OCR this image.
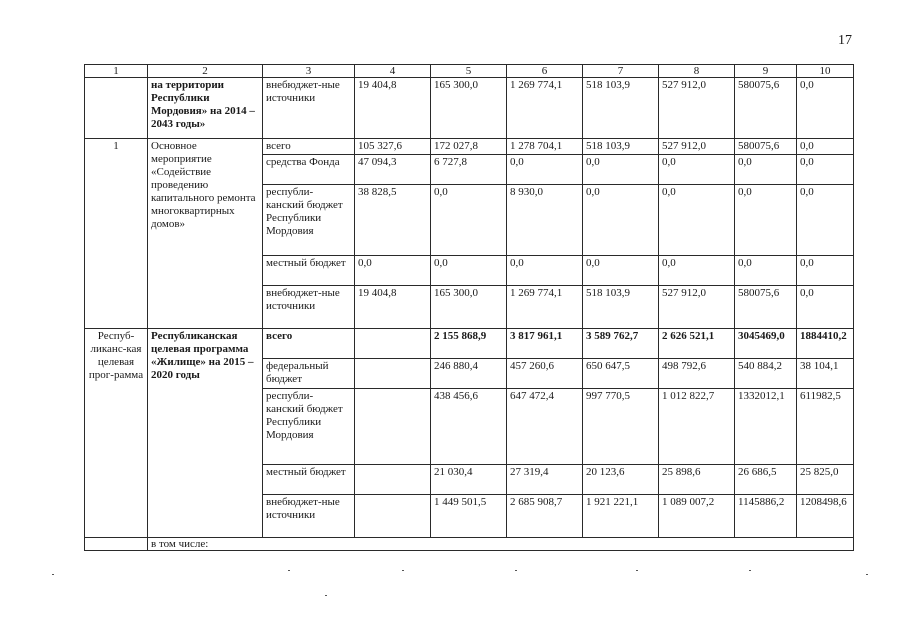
17
1	2	3	4	5	6	7	8	9	10
	на территории Республики Мордовия» на 2014 – 2043 годы»	внебюджет-ные источники	19 404,8	165 300,0	1 269 774,1	518 103,9	527 912,0	580075,6	0,0
1	Основное мероприятие «Содействие проведению капитального ремонта многоквартирных домов»	всего	105 327,6	172 027,8	1 278 704,1	518 103,9	527 912,0	580075,6	0,0
		средства Фонда	47 094,3	6 727,8	0,0	0,0	0,0	0,0	0,0
		республи-канский бюджет Республики Мордовия	38 828,5	0,0	8 930,0	0,0	0,0	0,0	0,0
		местный бюджет	0,0	0,0	0,0	0,0	0,0	0,0	0,0
		внебюджет-ные источники	19 404,8	165 300,0	1 269 774,1	518 103,9	527 912,0	580075,6	0,0
Респуб-ликанс-кая целевая прог-рамма	Республиканская целевая программа «Жилище» на 2015 – 2020 годы	всего		2 155 868,9	3 817 961,1	3 589 762,7	2 626 521,1	3045469,0	1884410,2
		федеральный бюджет		246 880,4	457 260,6	650 647,5	498 792,6	540 884,2	38 104,1
		республи-канский бюджет Республики Мордовия		438 456,6	647 472,4	997 770,5	1 012 822,7	1332012,1	611982,5
		местный бюджет		21 030,4	27 319,4	20 123,6	25 898,6	26 686,5	25 825,0
		внебюджет-ные источники		1 449 501,5	2 685 908,7	1 921 221,1	1 089 007,2	1145886,2	1208498,6
	в том числе:								
